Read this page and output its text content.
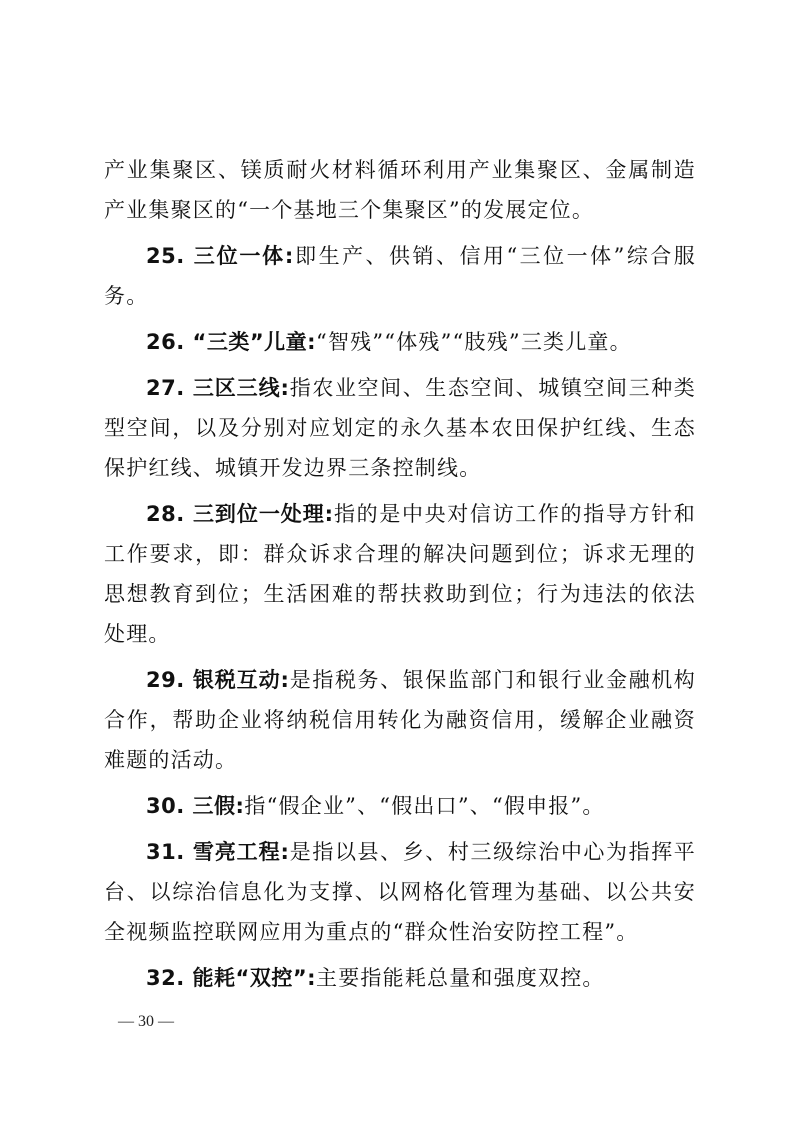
产业集聚区、镁质耐火材料循环利用产业集聚区、金属制造产业集聚区的“一个基地三个集聚区”的发展定位。

25. 三位一体:即生产、供销、信用“三位一体”综合服务。

26. “三类”儿童:“智残”“体残”“肢残”三类儿童。

27. 三区三线:指农业空间、生态空间、城镇空间三种类型空间，以及分别对应划定的永久基本农田保护红线、生态保护红线、城镇开发边界三条控制线。

28. 三到位一处理:指的是中央对信访工作的指导方针和工作要求，即：群众诉求合理的解决问题到位；诉求无理的思想教育到位；生活困难的帮扶救助到位；行为违法的依法处理。

29. 银税互动:是指税务、银保监部门和银行业金融机构合作，帮助企业将纳税信用转化为融资信用，缓解企业融资难题的活动。

30. 三假:指“假企业”、“假出口”、“假申报”。

31. 雪亮工程:是指以县、乡、村三级综治中心为指挥平台、以综治信息化为支撑、以网格化管理为基础、以公共安全视频监控联网应用为重点的“群众性治安防控工程”。

32. 能耗“双控”:主要指能耗总量和强度双控。

— 30 —
